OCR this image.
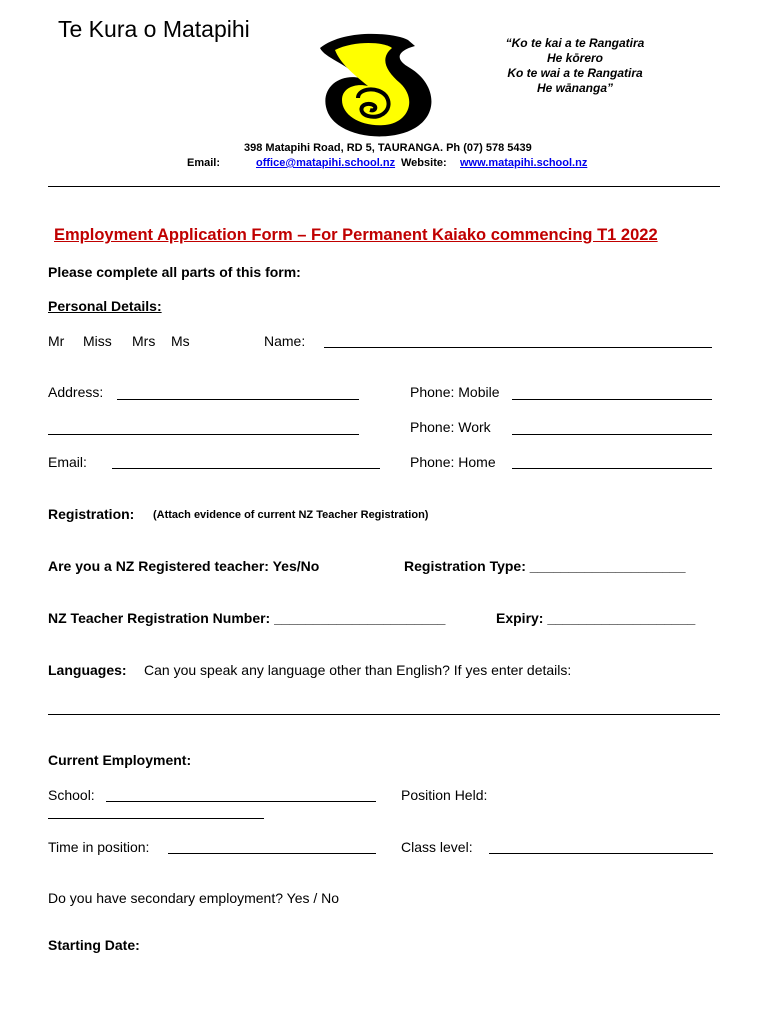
Te Kura o Matapihi
“Ko te kai a te Rangatira
He kōrero
Ko te wai a te Rangatira
He wānanga”
398 Matapihi Road, RD 5, TAURANGA. Ph (07) 578 5439
Email:	office@matapihi.school.nz Website: www.matapihi.school.nz
Employment Application Form – For Permanent Kaiako commencing T1 2022
Please complete all parts of this form:
Personal Details:
Mr Miss Mrs Ms	Name:
Address:	Phone: Mobile
Phone: Work
Email:	Phone: Home
Registration: (Attach evidence of current NZ Teacher Registration)
Are you a NZ Registered teacher: Yes/No	Registration Type: ____________________
NZ Teacher Registration Number: ______________________	Expiry: ___________________
Languages: Can you speak any language other than English? If yes enter details:
Current Employment:
School:	Position Held:
Time in position:	Class level:
Do you have secondary employment? Yes / No
Starting Date:
